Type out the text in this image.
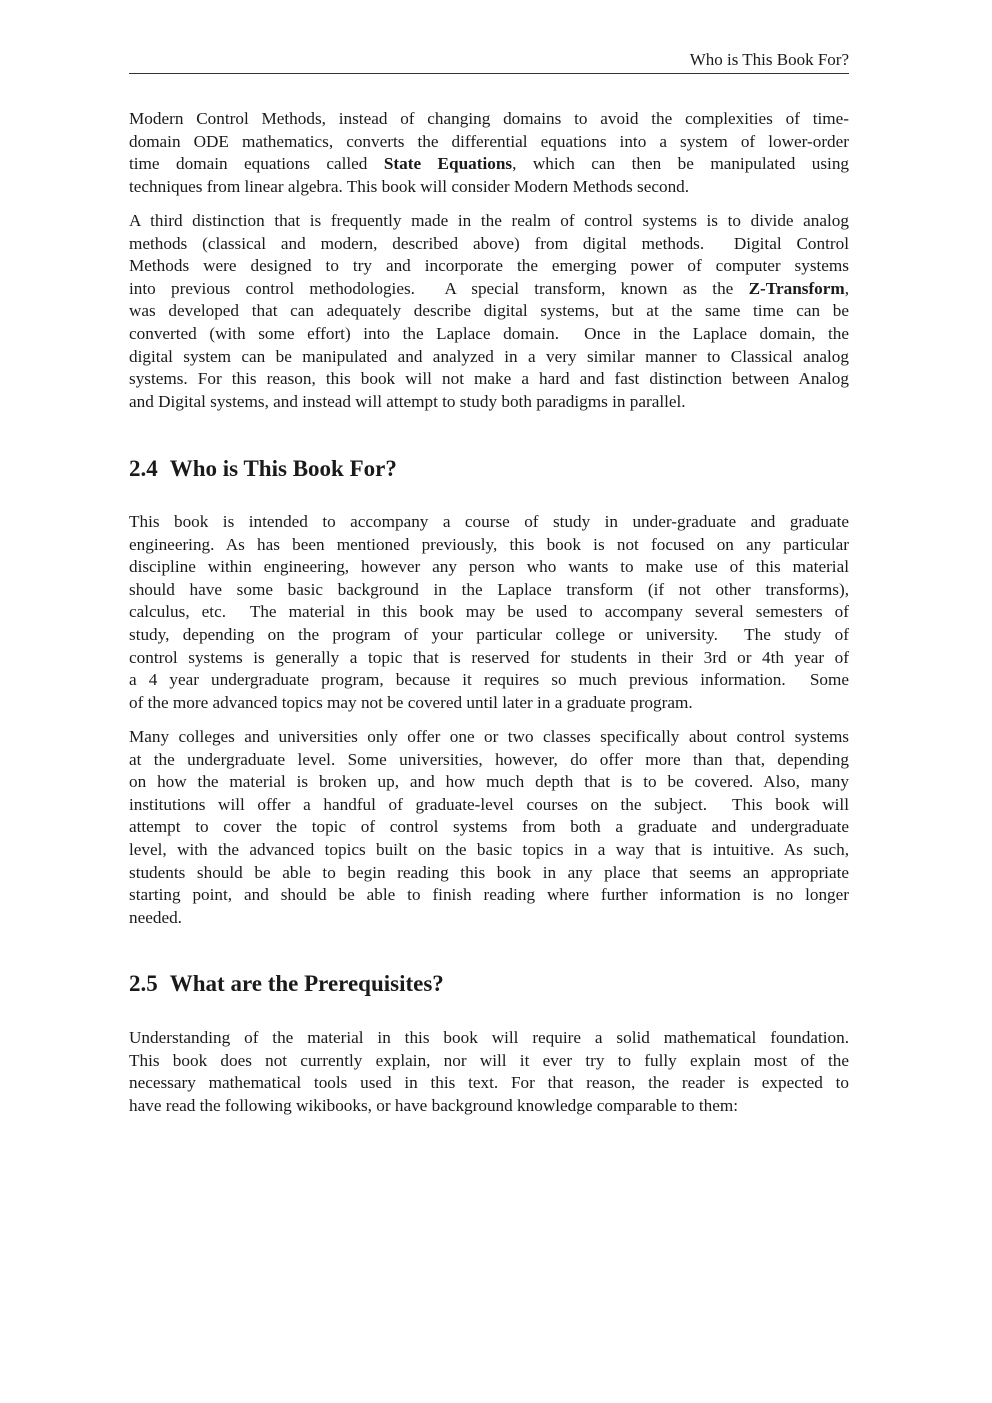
Who is This Book For?
Modern Control Methods, instead of changing domains to avoid the complexities of time-
domain ODE mathematics, converts the differential equations into a system of lower-order
time domain equations called State Equations, which can then be manipulated using
techniques from linear algebra. This book will consider Modern Methods second.
A third distinction that is frequently made in the realm of control systems is to divide analog
methods (classical and modern, described above) from digital methods.  Digital Control
Methods were designed to try and incorporate the emerging power of computer systems
into previous control methodologies.  A special transform, known as the Z-Transform,
was developed that can adequately describe digital systems, but at the same time can be
converted (with some effort) into the Laplace domain.  Once in the Laplace domain, the
digital system can be manipulated and analyzed in a very similar manner to Classical analog
systems. For this reason, this book will not make a hard and fast distinction between Analog
and Digital systems, and instead will attempt to study both paradigms in parallel.
2.4 Who is This Book For?
This book is intended to accompany a course of study in under-graduate and graduate
engineering. As has been mentioned previously, this book is not focused on any particular
discipline within engineering, however any person who wants to make use of this material
should have some basic background in the Laplace transform (if not other transforms),
calculus, etc.  The material in this book may be used to accompany several semesters of
study, depending on the program of your particular college or university.  The study of
control systems is generally a topic that is reserved for students in their 3rd or 4th year of
a 4 year undergraduate program, because it requires so much previous information.  Some
of the more advanced topics may not be covered until later in a graduate program.
Many colleges and universities only offer one or two classes specifically about control systems
at the undergraduate level. Some universities, however, do offer more than that, depending
on how the material is broken up, and how much depth that is to be covered. Also, many
institutions will offer a handful of graduate-level courses on the subject.  This book will
attempt to cover the topic of control systems from both a graduate and undergraduate
level, with the advanced topics built on the basic topics in a way that is intuitive. As such,
students should be able to begin reading this book in any place that seems an appropriate
starting point, and should be able to finish reading where further information is no longer
needed.
2.5 What are the Prerequisites?
Understanding of the material in this book will require a solid mathematical foundation.
This book does not currently explain, nor will it ever try to fully explain most of the
necessary mathematical tools used in this text. For that reason, the reader is expected to
have read the following wikibooks, or have background knowledge comparable to them:
